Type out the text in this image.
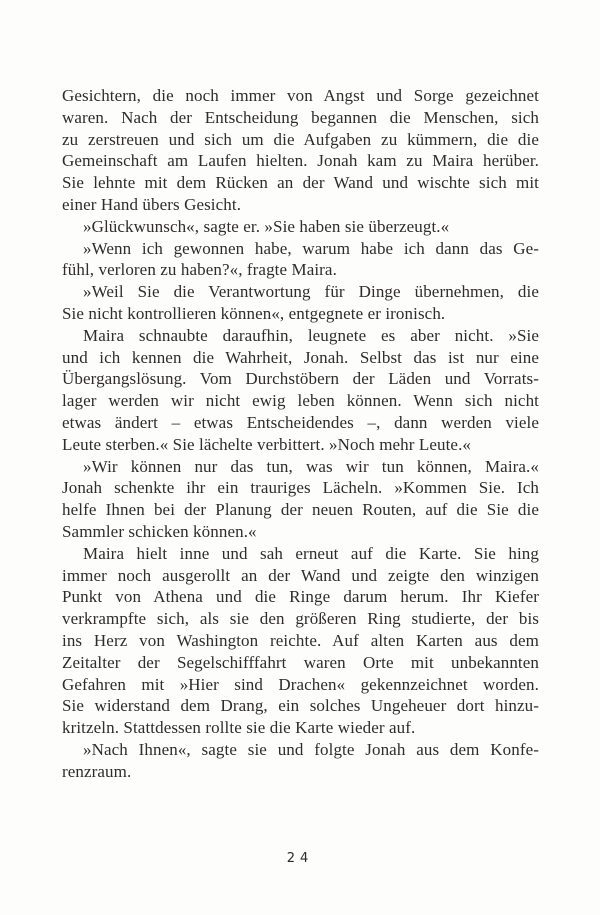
Gesichtern, die noch immer von Angst und Sorge gezeichnet
waren. Nach der Entscheidung begannen die Menschen, sich
zu zerstreuen und sich um die Aufgaben zu kümmern, die die
Gemeinschaft am Laufen hielten. Jonah kam zu Maira herüber.
Sie lehnte mit dem Rücken an der Wand und wischte sich mit
einer Hand übers Gesicht.
»Glückwunsch«, sagte er. »Sie haben sie überzeugt.«
»Wenn ich gewonnen habe, warum habe ich dann das Ge-
fühl, verloren zu haben?«, fragte Maira.
»Weil Sie die Verantwortung für Dinge übernehmen, die
Sie nicht kontrollieren können«, entgegnete er ironisch.
Maira schnaubte daraufhin, leugnete es aber nicht. »Sie
und ich kennen die Wahrheit, Jonah. Selbst das ist nur eine
Übergangslösung. Vom Durchstöbern der Läden und Vorrats-
lager werden wir nicht ewig leben können. Wenn sich nicht
etwas ändert – etwas Entscheidendes –, dann werden viele
Leute sterben.« Sie lächelte verbittert. »Noch mehr Leute.«
»Wir können nur das tun, was wir tun können, Maira.«
Jonah schenkte ihr ein trauriges Lächeln. »Kommen Sie. Ich
helfe Ihnen bei der Planung der neuen Routen, auf die Sie die
Sammler schicken können.«
Maira hielt inne und sah erneut auf die Karte. Sie hing
immer noch ausgerollt an der Wand und zeigte den winzigen
Punkt von Athena und die Ringe darum herum. Ihr Kiefer
verkrampfte sich, als sie den größeren Ring studierte, der bis
ins Herz von Washington reichte. Auf alten Karten aus dem
Zeitalter der Segelschifffahrt waren Orte mit unbekannten
Gefahren mit »Hier sind Drachen« gekennzeichnet worden.
Sie widerstand dem Drang, ein solches Ungeheuer dort hinzu-
kritzeln. Stattdessen rollte sie die Karte wieder auf.
»Nach Ihnen«, sagte sie und folgte Jonah aus dem Konfe-
renzraum.
24
